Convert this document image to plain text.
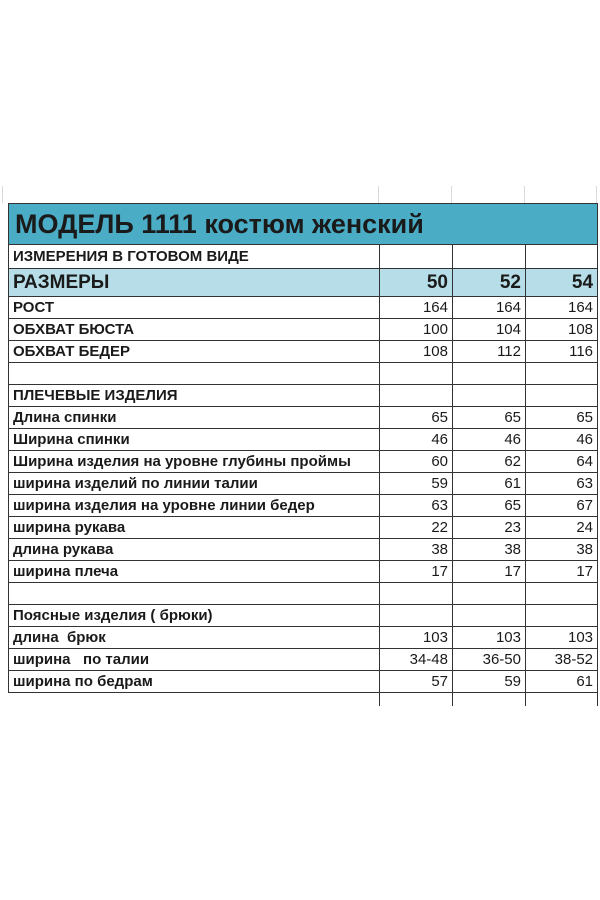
МОДЕЛЬ 1111 костюм женский			
ИЗМЕРЕНИЯ В ГОТОВОМ ВИДЕ			
РАЗМЕРЫ	50	52	54
РОСТ	164	164	164
ОБХВАТ БЮСТА	100	104	108
ОБХВАТ БЕДЕР	108	112	116

ПЛЕЧЕВЫЕ ИЗДЕЛИЯ			
Длина спинки	65	65	65
Ширина спинки	46	46	46
Ширина изделия на уровне глубины проймы	60	62	64
ширина изделий по линии талии	59	61	63
ширина изделия на уровне линии бедер	63	65	67
ширина рукава	22	23	24
длина рукава	38	38	38
ширина плеча	17	17	17

Поясные изделия ( брюки)			
длина  брюк	103	103	103
ширина   по талии	34-48	36-50	38-52
ширина по бедрам	57	59	61
